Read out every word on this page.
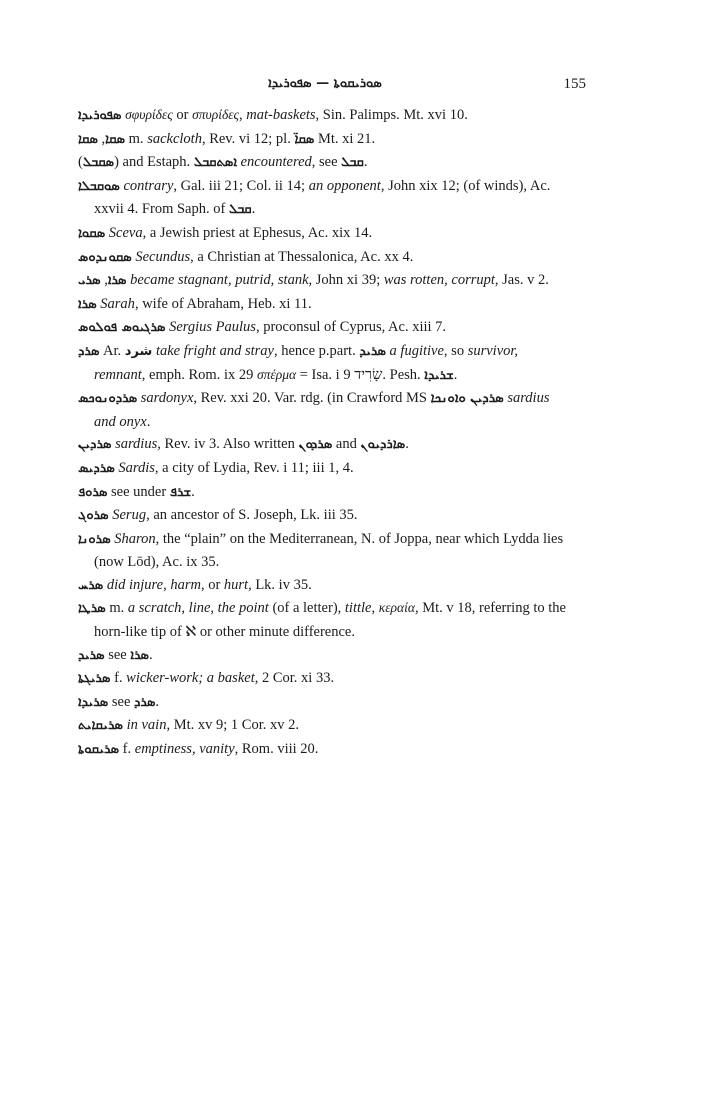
ܣܘܪܝܩܘܬܐ — ܣܦܘܪܝܕܐ	155
ܣܦܘܪܝܕܐ σφυρίδες or σπυρίδες, mat-baskets, Sin. Palimps. Mt. xvi 10.
ܣܩܐ, ܣܩܐ m. sackcloth, Rev. vi 12; pl. ܣܩܐ̈ Mt. xi 21.
(ܣܩܒܠ) and Estaph. ܐܣܬܩܒܠ encountered, see ܩܒܠ.
ܣܘܩܒܠܐ contrary, Gal. iii 21; Col. ii 14; an opponent, John xix 12; (of winds), Ac. xxvii 4. From Saph. of ܩܒܠ.
ܣܩܘܐ Sceva, a Jewish priest at Ephesus, Ac. xix 14.
ܣܩܘܢܕܘܣ Secundus, a Christian at Thessalonica, Ac. xx 4.
ܣܪܐ, ܣܪܝ became stagnant, putrid, stank, John xi 39; was rotten, corrupt, Jas. v 2.
ܣܪܐ Sarah, wife of Abraham, Heb. xi 11.
ܣܪܓܝܘܣ ܦܘܠܘܣ Sergius Paulus, proconsul of Cyprus, Ac. xiii 7.
ܣܪܕ Ar. شرد take fright and stray, hence p.part. ܣܪܝܕ a fugitive, so survivor, remnant, emph. Rom. ix 29 σπέρμα = Isa. i 9 שָׂרִיד. Pesh. ܫܪܝܕܐ.
ܣܪܕܘܢܘܟܣ sardonyx, Rev. xxi 20. Var. rdg. (in Crawford MS ܣܪܕܝܢ ܘܐܘܢܟܐ sardius and onyx.
ܣܪܕܝܢ sardius, Rev. iv 3. Also written ܣܪܕܘܢ and ܣܐܪܕܝܘܢ.
ܣܪܕܝܣ Sardis, a city of Lydia, Rev. i 11; iii 1, 4.
ܣܪܘܦ see under ܫܪܦ.
ܣܪܘܓ Serug, an ancestor of S. Joseph, Lk. iii 35.
ܣܪܘܢܐ Sharon, the “plain” on the Mediterranean, N. of Joppa, near which Lydda lies (now Lōd), Ac. ix 35.
ܣܪܚ did injure, harm, or hurt, Lk. iv 35.
ܣܪܛܐ m. a scratch, line, the point (of a letter), tittle, κεραία, Mt. v 18, referring to the horn-like tip of ℵ or other minute difference.
ܣܪܝܕ see ܣܪܐ.
ܣܪܝܓܬܐ f. wicker-work; a basket, 2 Cor. xi 33.
ܣܪܝܕܐ see ܣܪܕ.
ܣܪܝܩܐܝܬ in vain, Mt. xv 9; 1 Cor. xv 2.
ܣܪܝܩܘܬܐ f. emptiness, vanity, Rom. viii 20.
